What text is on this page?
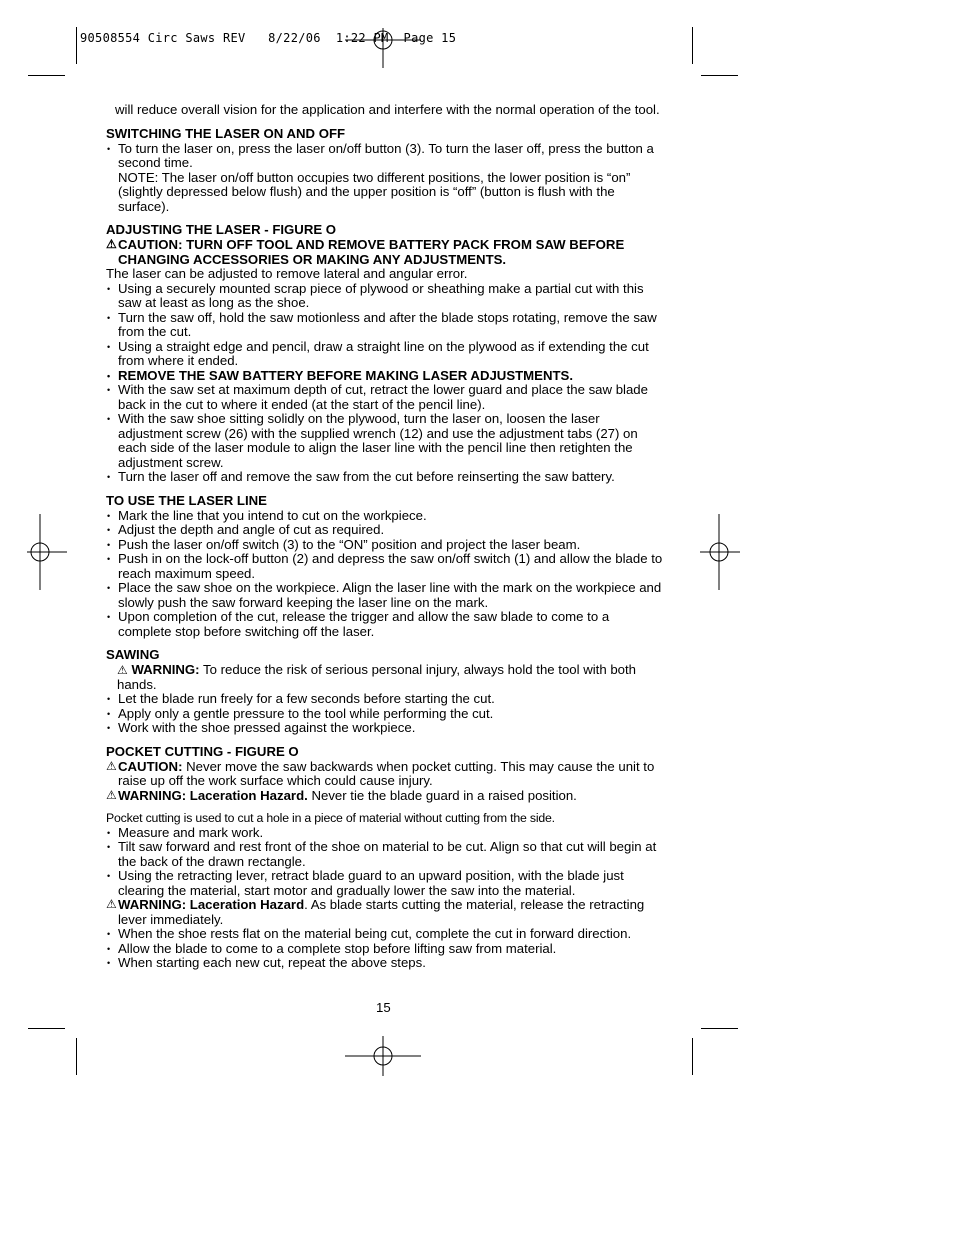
90508554 Circ Saws REV   8/22/06  1:22 PM  Page 15

will reduce overall vision for the application and interfere with the normal operation of the tool.

SWITCHING THE LASER ON AND OFF
• To turn the laser on, press the laser on/off button (3). To turn the laser off, press the button a second time.
NOTE: The laser on/off button occupies two different positions, the lower position is “on” (slightly depressed below flush) and the upper position is “off” (button is flush with the surface).
ADJUSTING THE LASER - FIGURE O
⚠ CAUTION: TURN OFF TOOL AND REMOVE BATTERY PACK FROM SAW BEFORE CHANGING ACCESSORIES OR MAKING ANY ADJUSTMENTS.
The laser can be adjusted to remove lateral and angular error.
• Using a securely mounted scrap piece of plywood or sheathing make a partial cut with this saw at least as long as the shoe.
• Turn the saw off, hold the saw motionless and after the blade stops rotating, remove the saw from the cut.
• Using a straight edge and pencil, draw a straight line on the plywood as if extending the cut from where it ended.
• REMOVE THE SAW BATTERY BEFORE MAKING LASER ADJUSTMENTS.
• With the saw set at maximum depth of cut, retract the lower guard and place the saw blade back in the cut to where it ended (at the start of the pencil line).
• With the saw shoe sitting solidly on the plywood, turn the laser on, loosen the laser adjustment screw (26) with the supplied wrench (12) and use the adjustment tabs (27) on each side of the laser module to align the laser line with the pencil line then retighten the adjustment screw.
• Turn the laser off and remove the saw from the cut before reinserting the saw battery.
TO USE THE LASER LINE
• Mark the line that you intend to cut on the workpiece.
• Adjust the depth and angle of cut as required.
• Push the laser on/off switch (3) to the “ON” position and project the laser beam.
• Push in on the lock-off button (2) and depress the saw on/off switch (1) and allow the blade to reach maximum speed.
• Place the saw shoe on the workpiece. Align the laser line with the mark on the workpiece and slowly push the saw forward keeping the laser line on the mark.
• Upon completion of the cut, release the trigger and allow the saw blade to come to a complete stop before switching off the laser.
SAWING
⚠ WARNING: To reduce the risk of serious personal injury, always hold the tool with both hands.
• Let the blade run freely for a few seconds before starting the cut.
• Apply only a gentle pressure to the tool while performing the cut.
• Work with the shoe pressed against the workpiece.
POCKET CUTTING - FIGURE O
⚠ CAUTION: Never move the saw backwards when pocket cutting. This may cause the unit to raise up off the work surface which could cause injury.
⚠ WARNING: Laceration Hazard. Never tie the blade guard in a raised position.
Pocket cutting is used to cut a hole in a piece of material without cutting from the side.
• Measure and mark work.
• Tilt saw forward and rest front of the shoe on material to be cut. Align so that cut will begin at the back of the drawn rectangle.
• Using the retracting lever, retract blade guard to an upward position, with the blade just clearing the material, start motor and gradually lower the saw into the material.
⚠ WARNING: Laceration Hazard. As blade starts cutting the material, release the retracting lever immediately.
• When the shoe rests flat on the material being cut, complete the cut in forward direction.
• Allow the blade to come to a complete stop before lifting saw from material.
• When starting each new cut, repeat the above steps.
15
